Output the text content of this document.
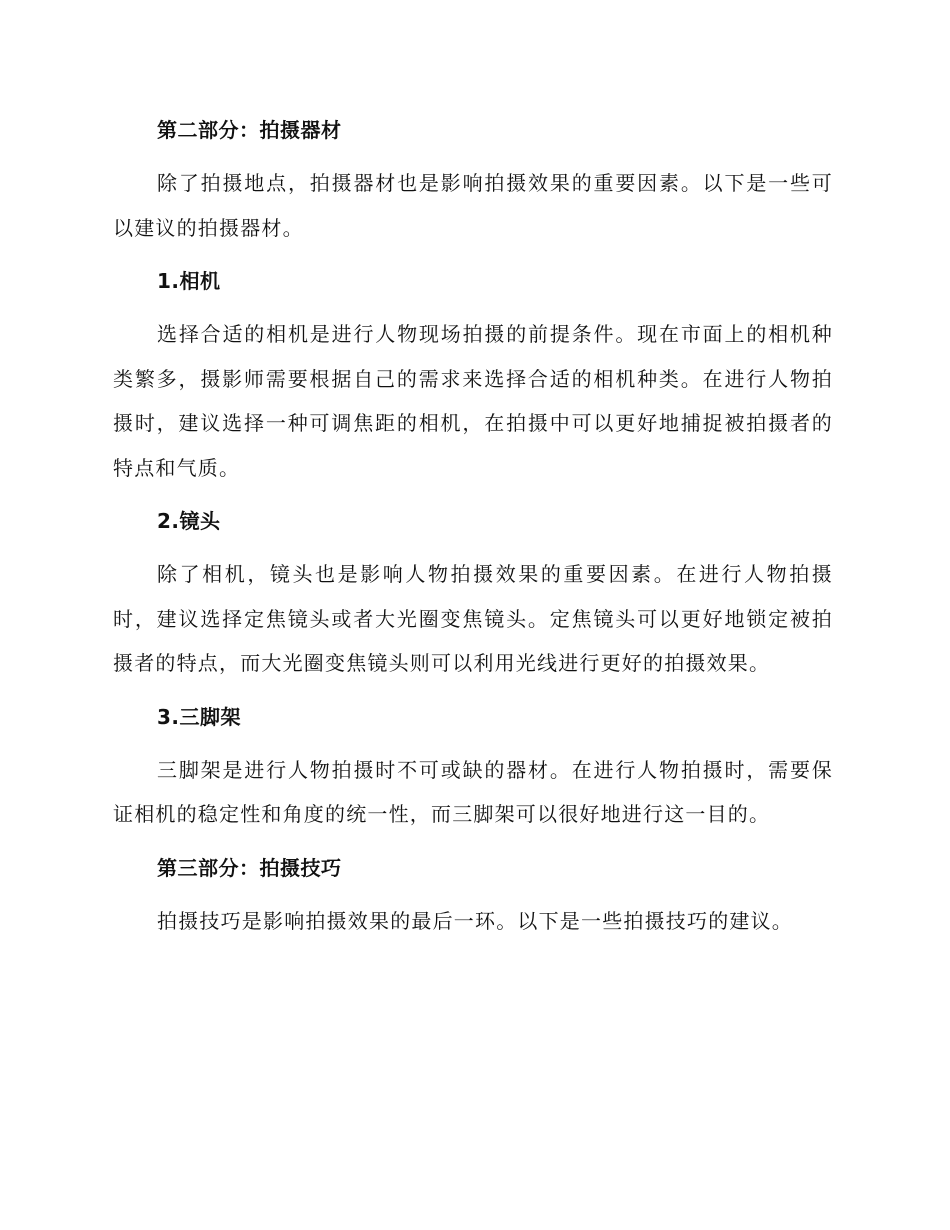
第二部分：拍摄器材

除了拍摄地点，拍摄器材也是影响拍摄效果的重要因素。以下是一些可以建议的拍摄器材。

1.相机

选择合适的相机是进行人物现场拍摄的前提条件。现在市面上的相机种类繁多，摄影师需要根据自己的需求来选择合适的相机种类。在进行人物拍摄时，建议选择一种可调焦距的相机，在拍摄中可以更好地捕捉被拍摄者的特点和气质。

2.镜头

除了相机，镜头也是影响人物拍摄效果的重要因素。在进行人物拍摄时，建议选择定焦镜头或者大光圈变焦镜头。定焦镜头可以更好地锁定被拍摄者的特点，而大光圈变焦镜头则可以利用光线进行更好的拍摄效果。

3.三脚架

三脚架是进行人物拍摄时不可或缺的器材。在进行人物拍摄时，需要保证相机的稳定性和角度的统一性，而三脚架可以很好地进行这一目的。

第三部分：拍摄技巧

拍摄技巧是影响拍摄效果的最后一环。以下是一些拍摄技巧的建议。
